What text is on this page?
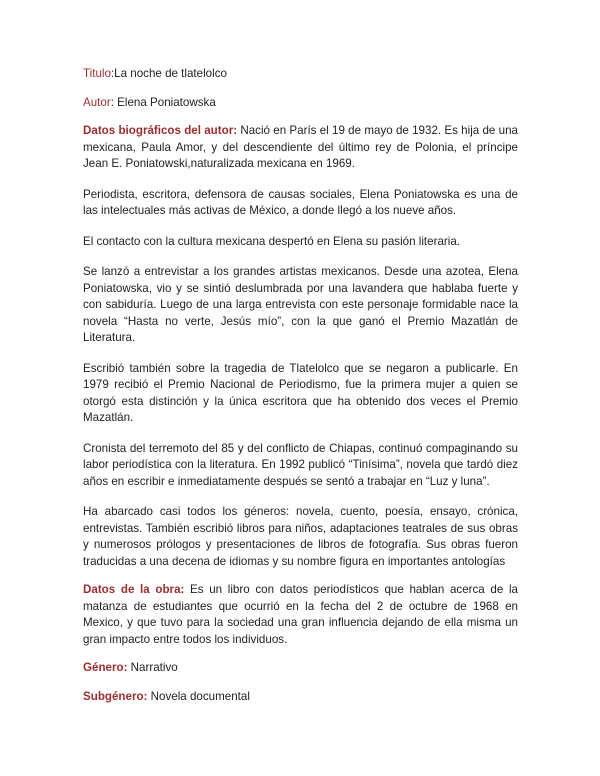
Titulo:La noche de tlatelolco

Autor: Elena Poniatowska

Datos biográficos del autor: Nació en París el 19 de mayo de 1932. Es hija de una mexicana, Paula Amor, y del descendiente del último rey de Polonia, el príncipe Jean E. Poniatowski,naturalizada mexicana en 1969.

Periodista, escritora, defensora de causas sociales, Elena Poniatowska es una de las intelectuales más activas de México, a donde llegó a los nueve años.

El contacto con la cultura mexicana despertó en Elena su pasión literaria.

Se lanzó a entrevistar a los grandes artistas mexicanos. Desde una azotea, Elena Poniatowska, vio y se sintió deslumbrada por una lavandera que hablaba fuerte y con sabiduría. Luego de una larga entrevista con este personaje formidable nace la novela “Hasta no verte, Jesús mío”, con la que ganó el Premio Mazatlán de Literatura.

Escribió también sobre la tragedia de Tlatelolco que se negaron a publicarle. En 1979 recibió el Premio Nacional de Periodismo, fue la primera mujer a quien se otorgó esta distinción y la única escritora que ha obtenido dos veces el Premio Mazatlán.

Cronista del terremoto del 85 y del conflicto de Chiapas, continuó compaginando su labor periodística con la literatura. En 1992 publicó “Tinísima”, novela que tardó diez años en escribir e inmediatamente después se sentó a trabajar en “Luz y luna”.

Ha abarcado casi todos los géneros: novela, cuento, poesía, ensayo, crónica, entrevistas. También escribió libros para niños, adaptaciones teatrales de sus obras y numerosos prólogos y presentaciones de libros de fotografía. Sus obras fueron traducidas a una decena de idiomas y su nombre figura en importantes antologías

Datos de la obra: Es un libro con datos periodísticos que hablan acerca de la matanza de estudiantes que ocurrió en la fecha del 2 de octubre de 1968 en Mexico, y que tuvo para la sociedad una gran influencia dejando de ella misma un gran impacto entre todos los individuos.

Género: Narrativo

Subgénero: Novela documental
